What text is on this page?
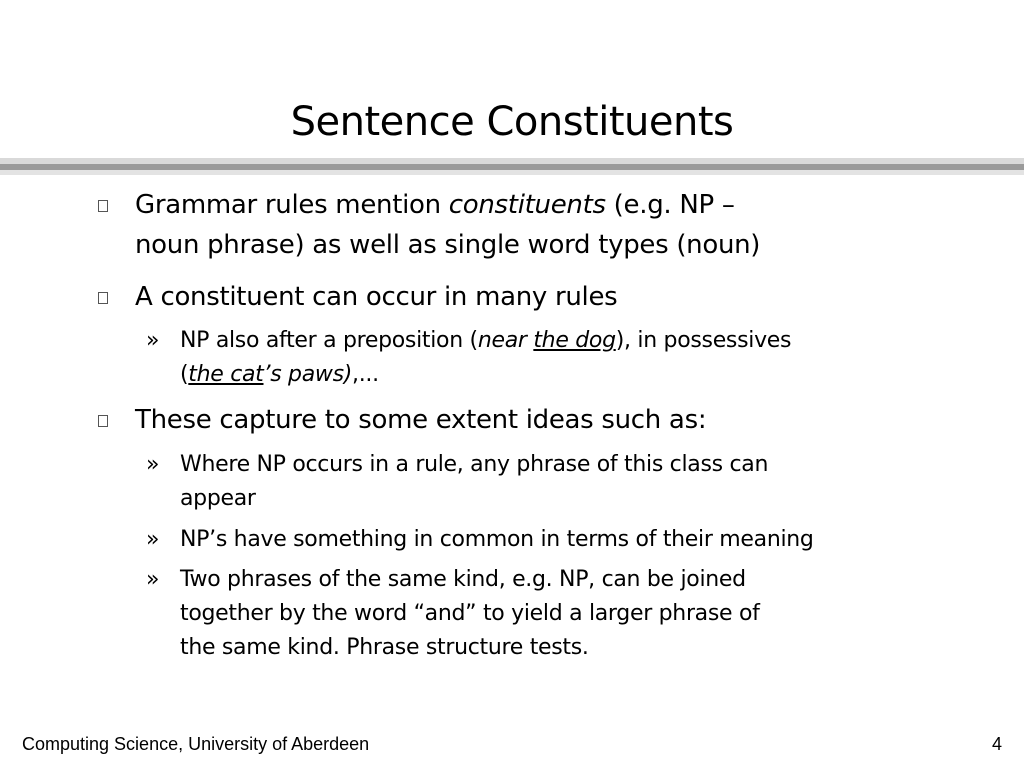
Sentence Constituents
Grammar rules mention constituents (e.g. NP –
noun phrase) as well as single word types (noun)
A constituent can occur in many rules
» NP also after a preposition (near the dog), in possessives
(the cat’s paws),...
These capture to some extent ideas such as:
» Where NP occurs in a rule, any phrase of this class can
appear
» NP’s have something in common in terms of their meaning
» Two phrases of the same kind, e.g. NP, can be joined
together by the word “and” to yield a larger phrase of
the same kind. Phrase structure tests.
Computing Science, University of Aberdeen	4
